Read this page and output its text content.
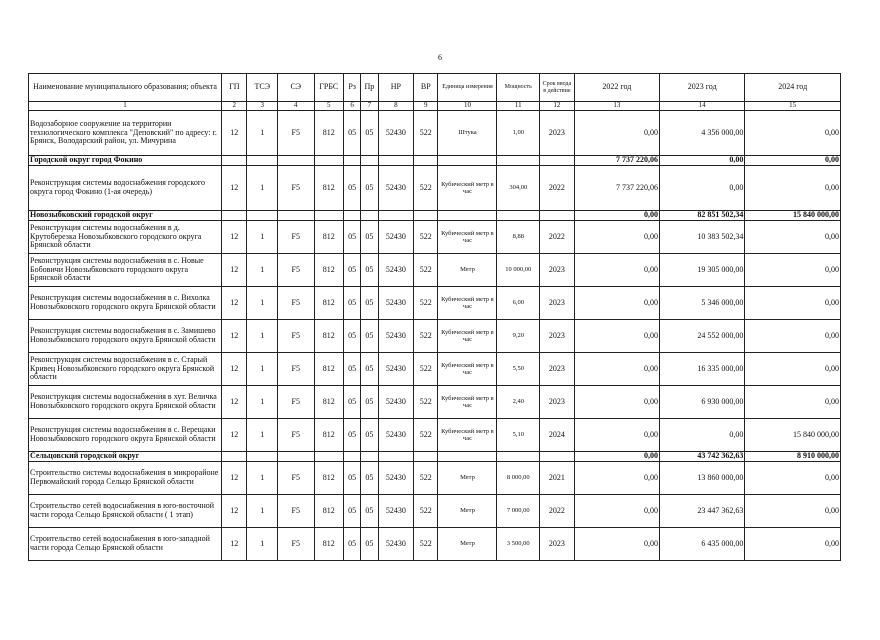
6
Наименование муниципального образования; объекта	ГП	ТСЭ	СЭ	ГРБС	Рз	Пр	НР	ВР	Единица измерения	Мощность	Срок ввода в действие	2022 год	2023 год	2024 год
1	2	3	4	5	6	7	8	9	10	11	12	13	14	15
Водозаборное сооружение на территории технологического комплекса "Деповский" по адресу: г. Брянск, Володарский район, ул. Мичурина	12	1	F5	812	05	05	52430	522	Штука	1,00	2023	0,00	4 356 000,00	0,00
Городской округ город Фокино												7 737 220,06	0,00	0,00
Реконструкция системы водоснабжения городского округа город Фокино (1-ая очередь)	12	1	F5	812	05	05	52430	522	Кубический метр в час	304,00	2022	7 737 220,06	0,00	0,00
Новозыбковский городской округ												0,00	82 851 502,34	15 840 000,00
Реконструкция системы водоснабжения в д. Крутоберезка Новозыбковского городского округа Брянской области	12	1	F5	812	05	05	52430	522	Кубический метр в час	8,88	2022	0,00	10 383 502,34	0,00
Реконструкция системы водоснабжения в с. Новые Бобовичи Новозыбковского городского округа Брянской области	12	1	F5	812	05	05	52430	522	Метр	10 000,00	2023	0,00	19 305 000,00	0,00
Реконструкция системы водоснабжения в с. Вихолка Новозыбковского городского округа Брянской области	12	1	F5	812	05	05	52430	522	Кубический метр в час	6,00	2023	0,00	5 346 000,00	0,00
Реконструкция системы водоснабжения в с. Замишево Новозыбковского городского округа Брянской области	12	1	F5	812	05	05	52430	522	Кубический метр в час	9,20	2023	0,00	24 552 000,00	0,00
Реконструкция системы водоснабжения в с. Старый Кривец Новозыбковского городского округа Брянской области	12	1	F5	812	05	05	52430	522	Кубический метр в час	5,50	2023	0,00	16 335 000,00	0,00
Реконструкция системы водоснабжения в хут. Величка Новозыбковского городского округа Брянской области	12	1	F5	812	05	05	52430	522	Кубический метр в час	2,40	2023	0,00	6 930 000,00	0,00
Реконструкция системы водоснабжения в с. Верещаки Новозыбковского городского округа Брянской области	12	1	F5	812	05	05	52430	522	Кубический метр в час	5,10	2024	0,00	0,00	15 840 000,00
Сельцовский городской округ												0,00	43 742 362,63	8 910 000,00
Строительство системы водоснабжения в микрорайоне Первомайский города Сельцо Брянской области	12	1	F5	812	05	05	52430	522	Метр	8 000,00	2021	0,00	13 860 000,00	0,00
Строительство сетей водоснабжения в юго-восточной части города Сельцо Брянской области ( 1 этап)	12	1	F5	812	05	05	52430	522	Метр	7 000,00	2022	0,00	23 447 362,63	0,00
Строительство сетей водоснабжения в юго-западной части города Сельцо Брянской области	12	1	F5	812	05	05	52430	522	Метр	3 500,00	2023	0,00	6 435 000,00	0,00
